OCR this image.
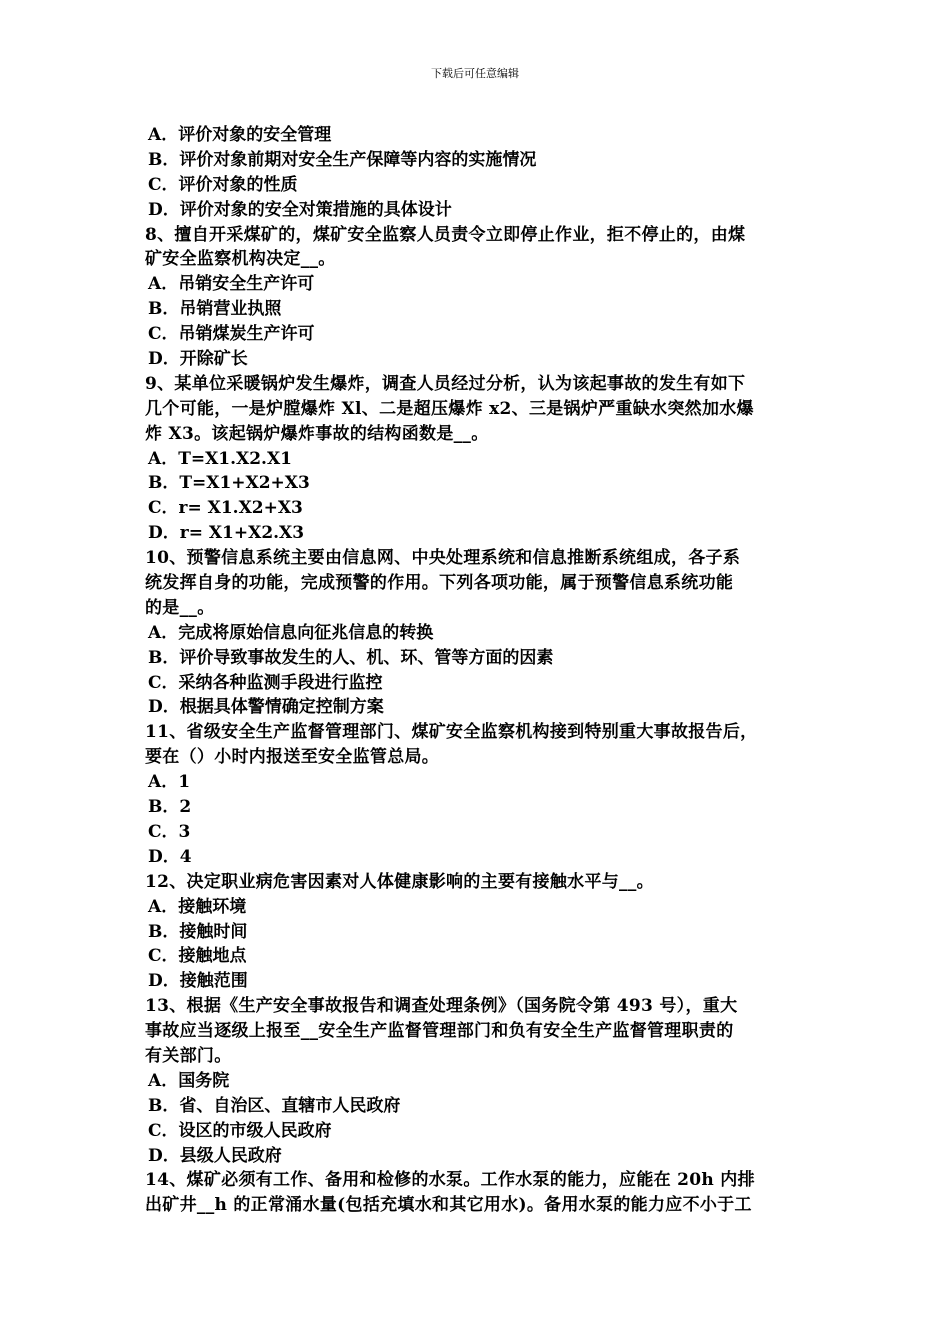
下载后可任意编辑
A．评价对象的安全管理
B．评价对象前期对安全生产保障等内容的实施情况
C．评价对象的性质
D．评价对象的安全对策措施的具体设计
8、擅自开采煤矿的，煤矿安全监察人员责令立即停止作业，拒不停止的，由煤
矿安全监察机构决定__。
A．吊销安全生产许可
B．吊销营业执照
C．吊销煤炭生产许可
D．开除矿长
9、某单位采暖锅炉发生爆炸，调查人员经过分析，认为该起事故的发生有如下
几个可能，一是炉膛爆炸 Xl、二是超压爆炸 x2、三是锅炉严重缺水突然加水爆
炸 X3。该起锅炉爆炸事故的结构函数是__。
A．T=X1.X2.X1
B．T=X1+X2+X3
C．r= X1.X2+X3
D．r= X1+X2.X3
10、预警信息系统主要由信息网、中央处理系统和信息推断系统组成，各子系
统发挥自身的功能，完成预警的作用。下列各项功能，属于预警信息系统功能
的是__。
A．完成将原始信息向征兆信息的转换
B．评价导致事故发生的人、机、环、管等方面的因素
C．采纳各种监测手段进行监控
D．根据具体警情确定控制方案
11、省级安全生产监督管理部门、煤矿安全监察机构接到特别重大事故报告后，
要在（）小时内报送至安全监管总局。
A．1
B．2
C．3
D．4
12、决定职业病危害因素对人体健康影响的主要有接触水平与__。
A．接触环境
B．接触时间
C．接触地点
D．接触范围
13、根据《生产安全事故报告和调查处理条例》（国务院令第 493 号），重大
事故应当逐级上报至__安全生产监督管理部门和负有安全生产监督管理职责的
有关部门。
A．国务院
B．省、自治区、直辖市人民政府
C．设区的市级人民政府
D．县级人民政府
14、煤矿必须有工作、备用和检修的水泵。工作水泵的能力，应能在 20h 内排
出矿井__h 的正常涌水量(包括充填水和其它用水)。备用水泵的能力应不小于工
